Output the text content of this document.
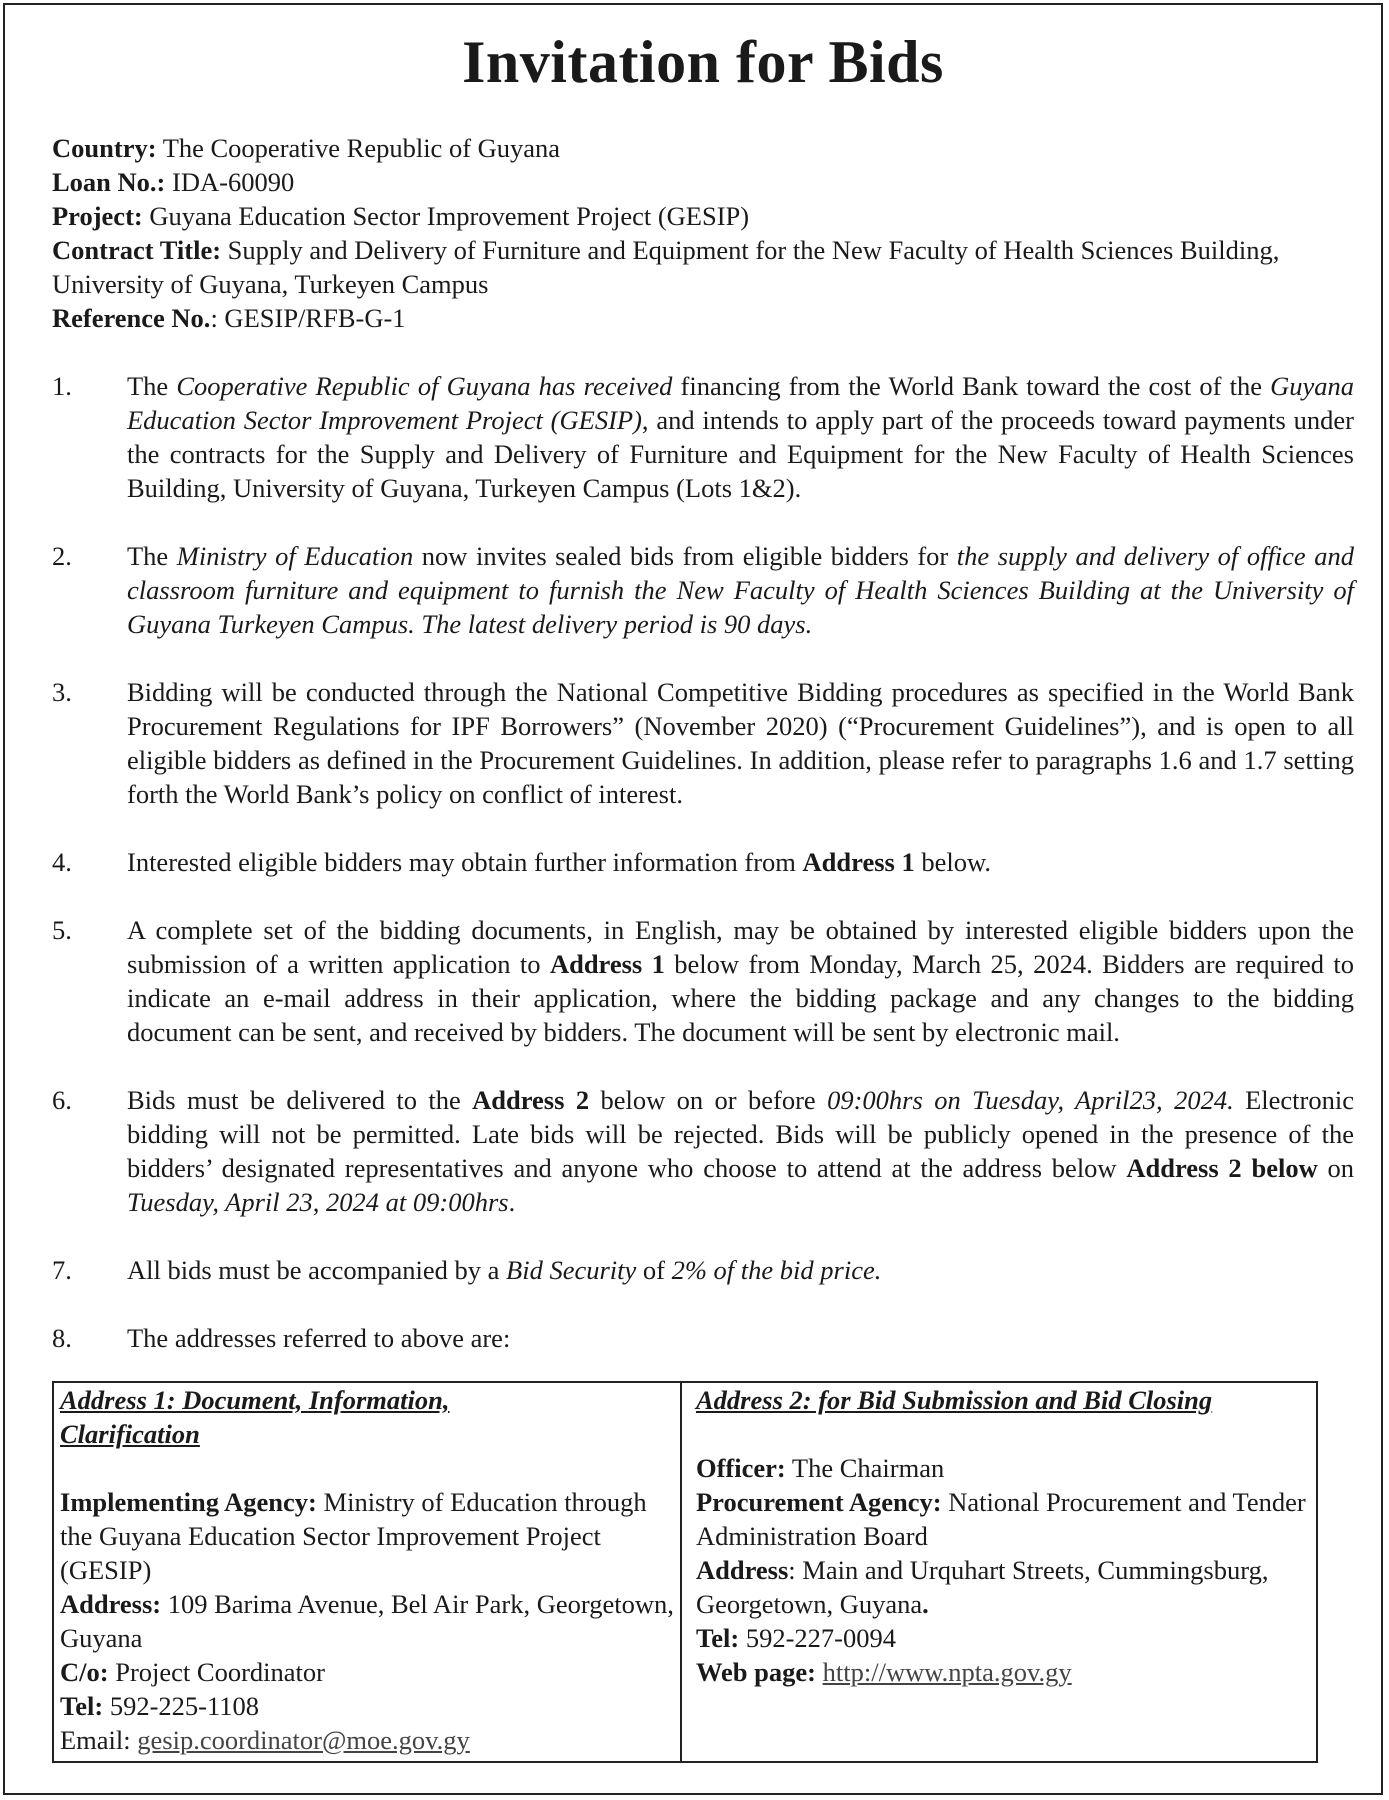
Invitation for Bids
Country: The Cooperative Republic of Guyana
Loan No.: IDA-60090
Project: Guyana Education Sector Improvement Project (GESIP)
Contract Title: Supply and Delivery of Furniture and Equipment for the New Faculty of Health Sciences Building, University of Guyana, Turkeyen Campus
Reference No.: GESIP/RFB-G-1
1.	The Cooperative Republic of Guyana has received financing from the World Bank toward the cost of the Guyana Education Sector Improvement Project (GESIP), and intends to apply part of the proceeds toward payments under the contracts for the Supply and Delivery of Furniture and Equipment for the New Faculty of Health Sciences Building, University of Guyana, Turkeyen Campus (Lots 1&2).
2.	The Ministry of Education now invites sealed bids from eligible bidders for the supply and delivery of office and classroom furniture and equipment to furnish the New Faculty of Health Sciences Building at the University of Guyana Turkeyen Campus. The latest delivery period is 90 days.
3.	Bidding will be conducted through the National Competitive Bidding procedures as specified in the World Bank Procurement Regulations for IPF Borrowers” (November 2020) (“Procurement Guidelines”), and is open to all eligible bidders as defined in the Procurement Guidelines. In addition, please refer to paragraphs 1.6 and 1.7 setting forth the World Bank’s policy on conflict of interest.
4.	Interested eligible bidders may obtain further information from Address 1 below.
5.	A complete set of the bidding documents, in English, may be obtained by interested eligible bidders upon the submission of a written application to Address 1 below from Monday, March 25, 2024. Bidders are required to indicate an e-mail address in their application, where the bidding package and any changes to the bidding document can be sent, and received by bidders. The document will be sent by electronic mail.
6.	Bids must be delivered to the Address 2 below on or before 09:00hrs on Tuesday, April23, 2024. Electronic bidding will not be permitted. Late bids will be rejected. Bids will be publicly opened in the presence of the bidders’ designated representatives and anyone who choose to attend at the address below Address 2 below on Tuesday, April 23, 2024 at 09:00hrs.
7.	All bids must be accompanied by a Bid Security of 2% of the bid price.
8.	The addresses referred to above are:

Address 1: Document, Information,
Clarification

Implementing Agency: Ministry of Education through the Guyana Education Sector Improvement Project (GESIP)

Address: 109 Barima Avenue, Bel Air Park, Georgetown, Guyana

C/o: Project Coordinator

Tel: 592-225-1108

Email: gesip.coordinator@moe.gov.gy

Address 2: for Bid Submission and Bid Closing

Officer: The Chairman

Procurement Agency: National Procurement and Tender Administration Board

Address: Main and Urquhart Streets, Cummingsburg, Georgetown, Guyana.

Tel: 592-227-0094

Web page: http://www.npta.gov.gy
